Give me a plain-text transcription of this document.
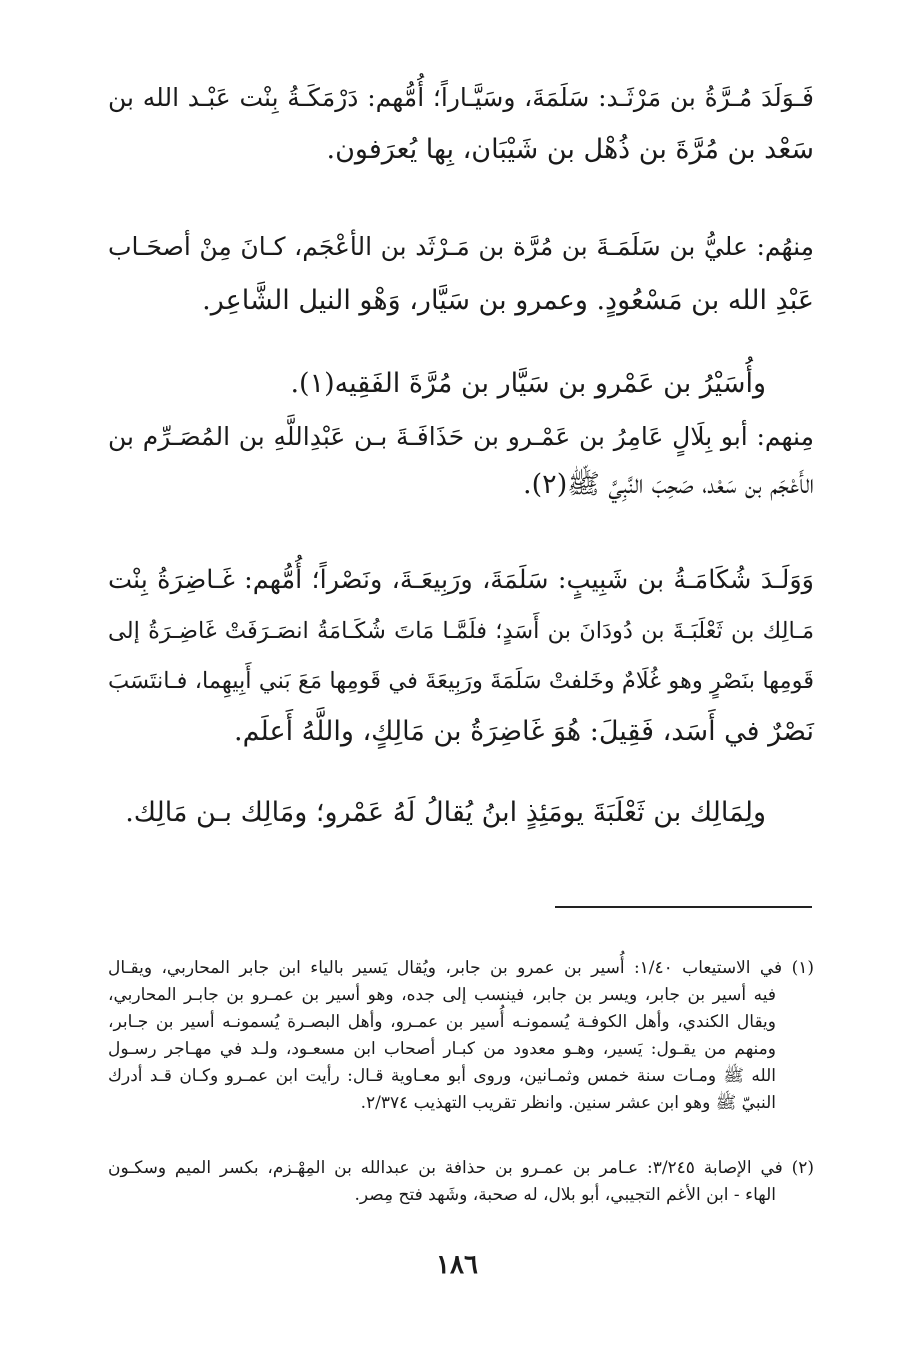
فَـوَلَدَ مُـرَّةُ بن مَرْثَـد: سَلَمَةَ، وسَيَّـاراً؛ أُمُّهم: دَرْمَكَـةُ بِنْت عَبْـد الله بن
سَعْد بن مُرَّةَ بن ذُهْل بن شَيْبَان، بِها يُعرَفون.
مِنهُم: عليُّ بن سَلَمَـةَ بن مُرَّة بن مَـرْثَد بن الأعْجَم، كـانَ مِنْ أصحَـاب
عَبْدِ الله بن مَسْعُودٍ. وعمرو بن سَيَّار، وَهْو النيل الشَّاعِر.
وأُسَيْرُ بن عَمْرو بن سَيَّار بن مُرَّةَ الفَقِيه(١).
مِنهم: أبو بِلَالٍ عَامِرُ بن عَمْـرو بن حَذَافَـةَ بـن عَبْدِاللَّهِ بن المُصَـرِّم بن
الأَعْجَم بن سَعْد، صَحِبَ النَّبِيَّ ﷺ(٢).
وَوَلَـدَ شُكَامَـةُ بن شَبِيبٍ: سَلَمَةَ، ورَبِيعَـةَ، ونَصْراً؛ أُمُّهم: غَـاضِرَةُ بِنْت
مَـالِك بن ثَعْلَبَـةَ بن دُودَانَ بن أَسَدٍ؛ فلَمَّـا مَاتَ شُكَـامَةُ انصَـرَفَتْ غَاضِـرَةُ إلى
قَومِها بنَصْرٍ وهو غُلَامٌ وخَلفتْ سَلَمَةَ ورَبِيعَةَ في قَومِها مَعَ بَني أَبِيهِما، فـانتَسَبَ
نَصْرٌ في أَسَد، فَقِيلَ: هُوَ غَاضِرَةُ بن مَالِكٍ، واللَّهُ أَعلَم.
ولِمَالِك بن ثَعْلَبَةَ يومَئِذٍ ابنُ يُقالُ لَهُ عَمْرو؛ ومَالِك بـن مَالِك.
(١) في الاستيعاب ١/٤٠: أُسير بن عمرو بن جابر، ويُقال يَسير بالياء ابن جابر المحاربي، ويقـال
فيه أسير بن جابر، ويسر بن جابر، فينسب إلى جده، وهو أسير بن عمـرو بن جابـر المحاربي،
ويقال الكندي، وأهل الكوفـة يُسمونـه أُسير بن عمـرو، وأهل البصـرة يُسمونـه أسير بن جـابر،
ومنهم من يقـول: يَسير، وهـو معدود من كبـار أصحاب ابن مسعـود، ولـد في مهـاجر رسـول
الله ﷺ ومـات سنة خمس وثمـانين، وروى أبو معـاوية قـال: رأيت ابن عمـرو وكـان قـد أدرك
النبيّ ﷺ وهو ابن عشر سنين. وانظر تقريب التهذيب ٢/٣٧٤.
(٢) في الإصابة ٣/٢٤٥: عـامر بن عمـرو بن حذافة بن عبدالله بن المِهْـزم، بكسر الميم وسكـون
الهاء - ابن الأغم التجيبي، أبو بلال، له صحبة، وشَهد فتح مِصر.
١٨٦
